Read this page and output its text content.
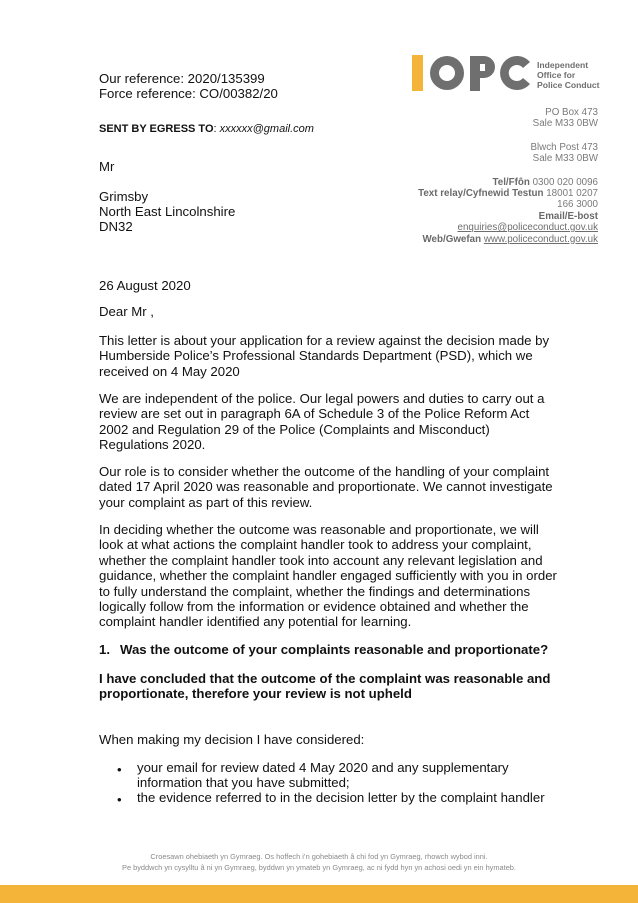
Our reference: 2020/135399
Force reference: CO/00382/20
SENT BY EGRESS TO: xxxxxx@gmail.com
Independent
Office for
Police Conduct
PO Box 473
Sale M33 0BW
Blwch Post 473
Sale M33 0BW
Tel/Ffôn 0300 020 0096
Text relay/Cyfnewid Testun 18001 0207
166 3000
Email/E-bost
enquiries@policeconduct.gov.uk
Web/Gwefan www.policeconduct.gov.uk
Mr
Grimsby
North East Lincolnshire
DN32
26 August 2020
Dear Mr ,
This letter is about your application for a review against the decision made by Humberside Police’s Professional Standards Department (PSD), which we received on 4 May 2020
We are independent of the police. Our legal powers and duties to carry out a review are set out in paragraph 6A of Schedule 3 of the Police Reform Act 2002 and Regulation 29 of the Police (Complaints and Misconduct) Regulations 2020.
Our role is to consider whether the outcome of the handling of your complaint dated 17 April 2020 was reasonable and proportionate. We cannot investigate your complaint as part of this review.
In deciding whether the outcome was reasonable and proportionate, we will look at what actions the complaint handler took to address your complaint, whether the complaint handler took into account any relevant legislation and guidance, whether the complaint handler engaged sufficiently with you in order to fully understand the complaint, whether the findings and determinations logically follow from the information or evidence obtained and whether the complaint handler identified any potential for learning.
1. Was the outcome of your complaints reasonable and proportionate?
I have concluded that the outcome of the complaint was reasonable and proportionate, therefore your review is not upheld
When making my decision I have considered:
• your email for review dated 4 May 2020 and any supplementary information that you have submitted;
• the evidence referred to in the decision letter by the complaint handler
Croesawn ohebiaeth yn Gymraeg. Os hoffech i’n gohebiaeth â chi fod yn Gymraeg, rhowch wybod inni.
Pe byddwch yn cysylltu â ni yn Gymraeg, byddwn yn ymateb yn Gymraeg, ac ni fydd hyn yn achosi oedi yn ein hymateb.
